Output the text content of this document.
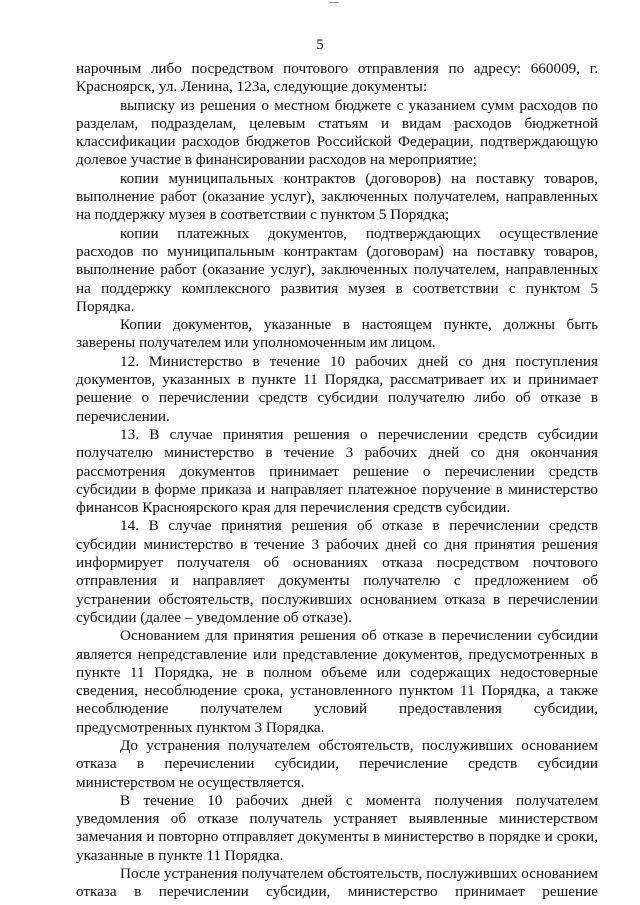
5

нарочным либо посредством почтового отправления по адресу: 660009, г. Красноярск, ул. Ленина, 123а, следующие документы:

выписку из решения о местном бюджете с указанием сумм расходов по разделам, подразделам, целевым статьям и видам расходов бюджетной классификации расходов бюджетов Российской Федерации, подтверждающую долевое участие в финансировании расходов на мероприятие;

копии муниципальных контрактов (договоров) на поставку товаров, выполнение работ (оказание услуг), заключенных получателем, направленных на поддержку музея в соответствии с пунктом 5 Порядка;

копии платежных документов, подтверждающих осуществление расходов по муниципальным контрактам (договорам) на поставку товаров, выполнение работ (оказание услуг), заключенных получателем, направленных на поддержку комплексного развития музея в соответствии с пунктом 5 Порядка.

Копии документов, указанные в настоящем пункте, должны быть заверены получателем или уполномоченным им лицом.

12. Министерство в течение 10 рабочих дней со дня поступления документов, указанных в пункте 11 Порядка, рассматривает их и принимает решение о перечислении средств субсидии получателю либо об отказе в перечислении.

13. В случае принятия решения о перечислении средств субсидии получателю министерство в течение 3 рабочих дней со дня окончания рассмотрения документов принимает решение о перечислении средств субсидии в форме приказа и направляет платежное поручение в министерство финансов Красноярского края для перечисления средств субсидии.

14. В случае принятия решения об отказе в перечислении средств субсидии министерство в течение 3 рабочих дней со дня принятия решения информирует получателя об основаниях отказа посредством почтового отправления и направляет документы получателю с предложением об устранении обстоятельств, послуживших основанием отказа в перечислении субсидии (далее – уведомление об отказе).

Основанием для принятия решения об отказе в перечислении субсидии является непредставление или представление документов, предусмотренных в пункте 11 Порядка, не в полном объеме или содержащих недостоверные сведения, несоблюдение срока, установленного пунктом 11 Порядка, а также несоблюдение получателем условий предоставления субсидии, предусмотренных пунктом 3 Порядка.

До устранения получателем обстоятельств, послуживших основанием отказа в перечислении субсидии, перечисление средств субсидии министерством не осуществляется.

В течение 10 рабочих дней с момента получения получателем уведомления об отказе получатель устраняет выявленные министерством замечания и повторно отправляет документы в министерство в порядке и сроки, указанные в пункте 11 Порядка.

После устранения получателем обстоятельств, послуживших основанием отказа в перечислении субсидии, министерство принимает решение
